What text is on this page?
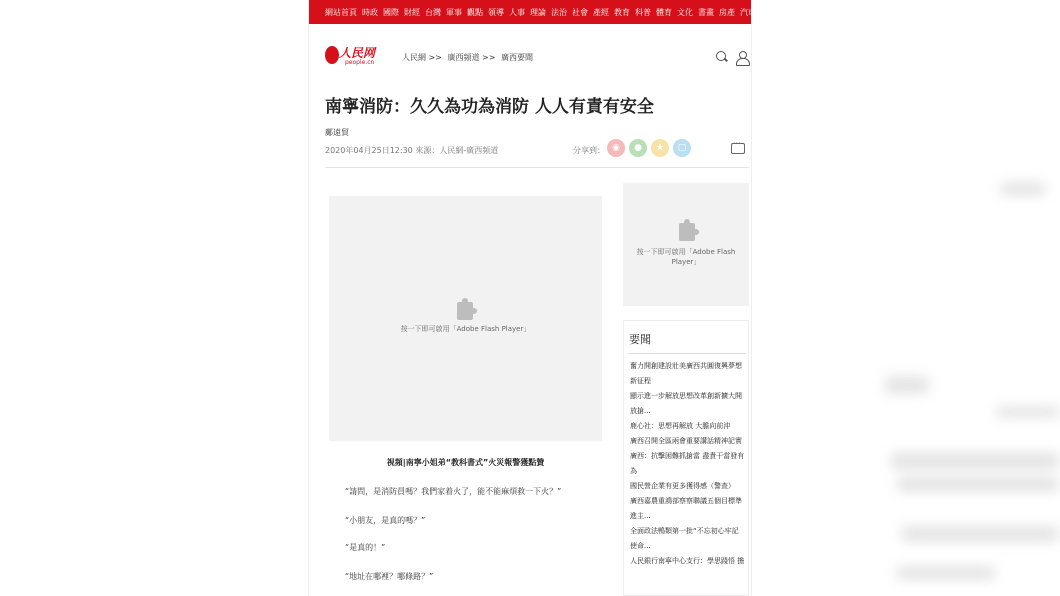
網站首頁 時政 國際 財經 台灣 軍事 觀點 領導 人事 理論 法治 社會 產經 教育 科普 體育 文化 書畫 房產 汽車 旅遊 登錄 注
人民网
people.cn
人民網 >> 廣西頻道 >> 廣西要聞
南寧消防：久久為功為消防 人人有責有安全
鄺遠貿
2020年04月25日12:30 來源：人民網-廣西頻道	分享到： ◉	●	★	▢
···
按一下即可啟用「Adobe Flash Player」
按一下即可啟用「Adobe Flash Player」
視頻|南寧小姐弟“教科書式”火災報警獲點贊

“請問，是消防員嗎？我們家着火了，能不能麻煩救一下火？”

“小朋友，是真的嗎？”

“是真的！”

“地址在哪裡？哪條路？”

要聞
奮力開創建設壯美廣西共圓復興夢想
新征程
顯示進一步解放思想改革創新擴大開
放搶...
鹿心社：思想再解放 大膽向前沖
廣西召開全區兩會重要講話精神記實
廣西：抗擊困難抓搶當 盡責干當發有
為
國民營企業有更多獲得感（警查）
廣西嘉農重鴻部察察聯議五個目標準
進主...
全面政法鴨類第一批“不忘初心牢記
使命...
人民銀行南寧中心支行：學思踐悟 擔
